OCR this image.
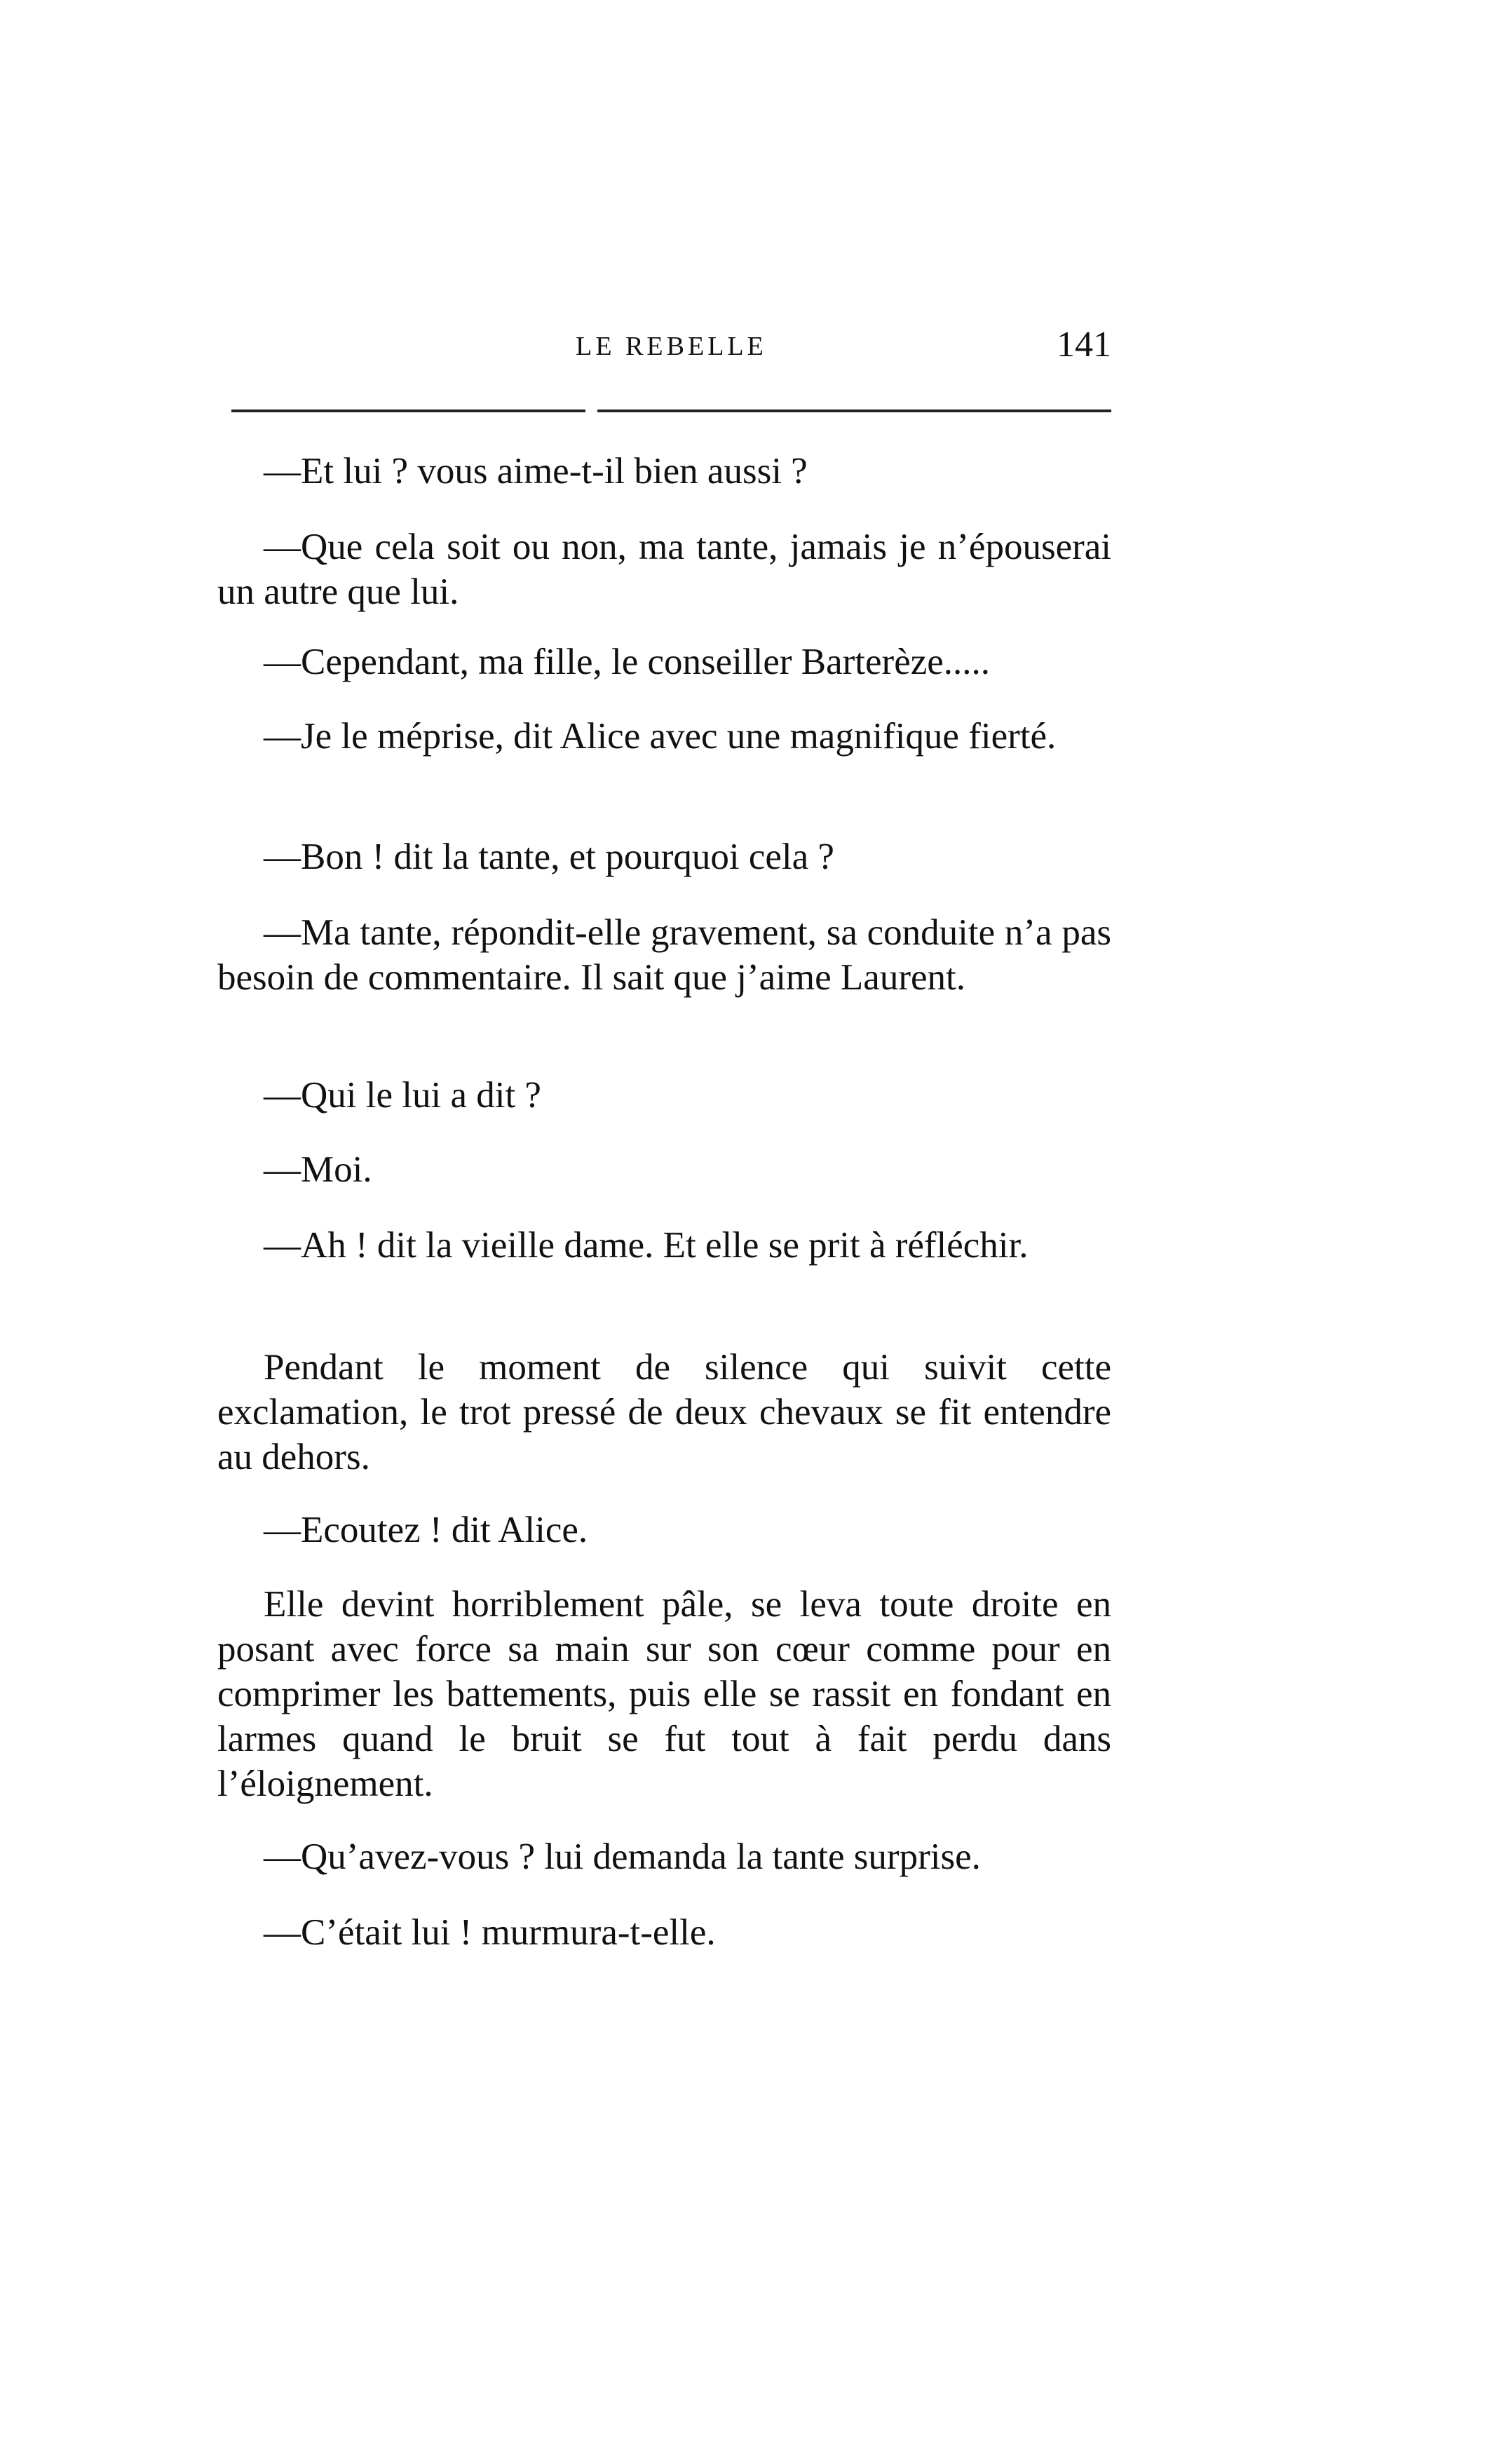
LE REBELLE	141

—Et lui ? vous aime-t-il bien aussi ?

—Que cela soit ou non, ma tante, jamais je n’épouserai un autre que lui.

—Cependant, ma fille, le conseiller Barterèze.....

—Je le méprise, dit Alice avec une magnifique fierté.

—Bon ! dit la tante, et pourquoi cela ?

—Ma tante, répondit-elle gravement, sa conduite n’a pas besoin de commentaire. Il sait que j’aime Laurent.

—Qui le lui a dit ?

—Moi.

—Ah ! dit la vieille dame. Et elle se prit à réfléchir.

Pendant le moment de silence qui suivit cette exclamation, le trot pressé de deux chevaux se fit entendre au dehors.

—Ecoutez ! dit Alice.

Elle devint horriblement pâle, se leva toute droite en posant avec force sa main sur son cœur comme pour en comprimer les battements, puis elle se rassit en fondant en larmes quand le bruit se fut tout à fait perdu dans l’éloignement.

—Qu’avez-vous ? lui demanda la tante surprise.

—C’était lui ! murmura-t-elle.
